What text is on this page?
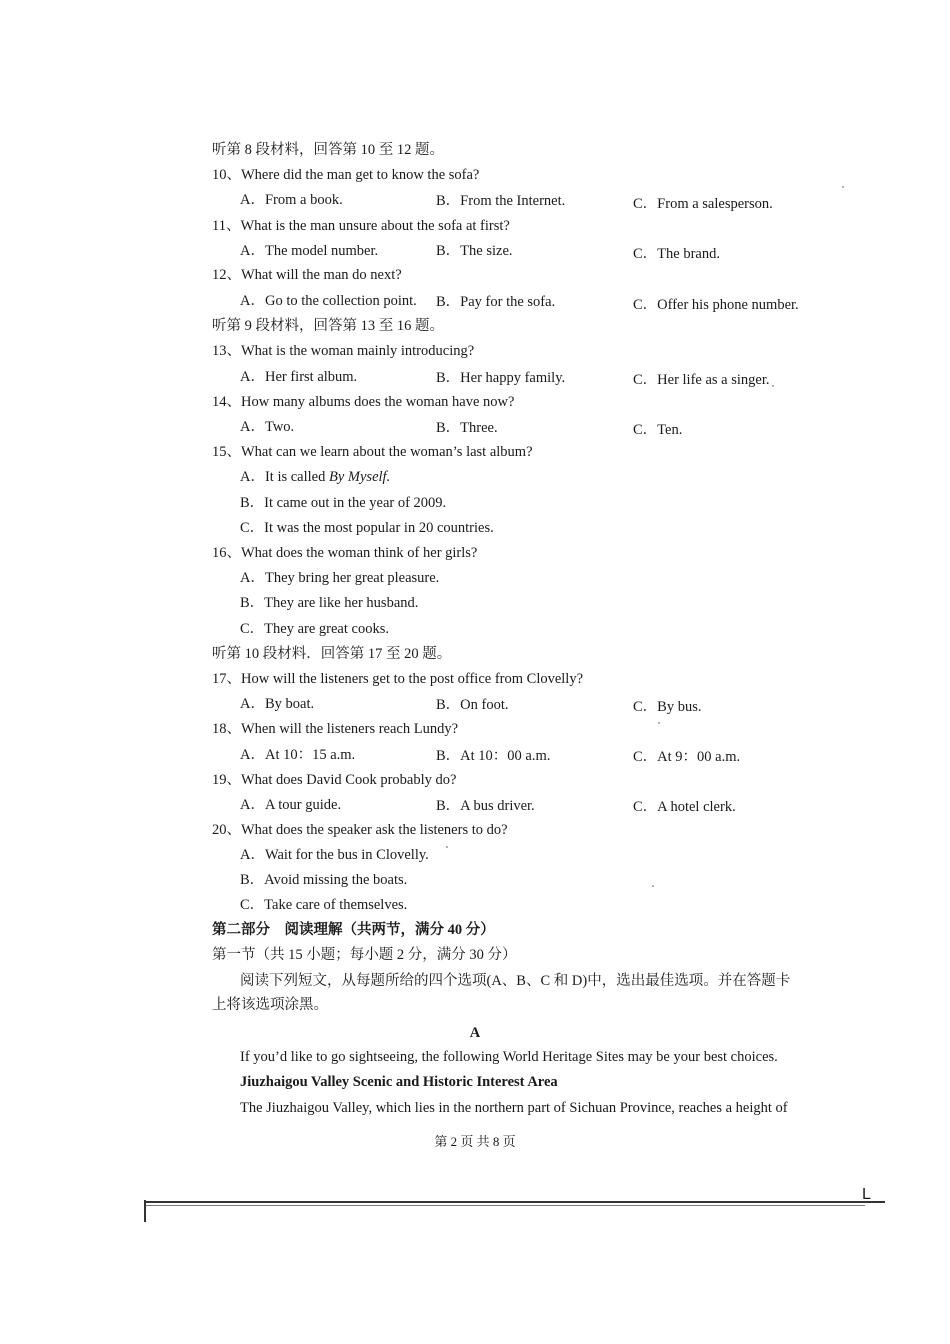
听第 8 段材料，回答第 10 至 12 题。
10、Where did the man get to know the sofa?
A．From a book.	B．From the Internet.	C．From a salesperson.
11、What is the man unsure about the sofa at first?
A．The model number.	B．The size.	C．The brand.
12、What will the man do next?
A．Go to the collection point. B．Pay for the sofa.	C．Offer his phone number.
听第 9 段材料，回答第 13 至 16 题。
13、What is the woman mainly introducing?
A．Her first album.	B．Her happy family.	C．Her life as a singer.
14、How many albums does the woman have now?
A．Two.	B．Three.	C．Ten.
15、What can we learn about the woman’s last album?
A．It is called By Myself.
B．It came out in the year of 2009.
C．It was the most popular in 20 countries.
16、What does the woman think of her girls?
A．They bring her great pleasure.
B．They are like her husband.
C．They are great cooks.
听第 10 段材料．回答第 17 至 20 题。
17、How will the listeners get to the post office from Clovelly?
A．By boat.	B．On foot.	C．By bus.
18、When will the listeners reach Lundy?
A．At 10：15 a.m.	B．At 10：00 a.m.	C．At 9：00 a.m.
19、What does David Cook probably do?
A．A tour guide.	B．A bus driver.	C．A hotel clerk.
20、What does the speaker ask the listeners to do?
A．Wait for the bus in Clovelly.
B．Avoid missing the boats.
C．Take care of themselves.
第二部分　阅读理解（共两节，满分 40 分）
第一节（共 15 小题；每小题 2 分，满分 30 分）
阅读下列短文，从每题所给的四个选项(A、B、C 和 D)中，选出最佳选项。并在答题卡上将该选项涂黑。
A
If you’d like to go sightseeing, the following World Heritage Sites may be your best choices.
Jiuzhaigou Valley Scenic and Historic Interest Area
The Jiuzhaigou Valley, which lies in the northern part of Sichuan Province, reaches a height of
第 2 页 共 8 页
L
